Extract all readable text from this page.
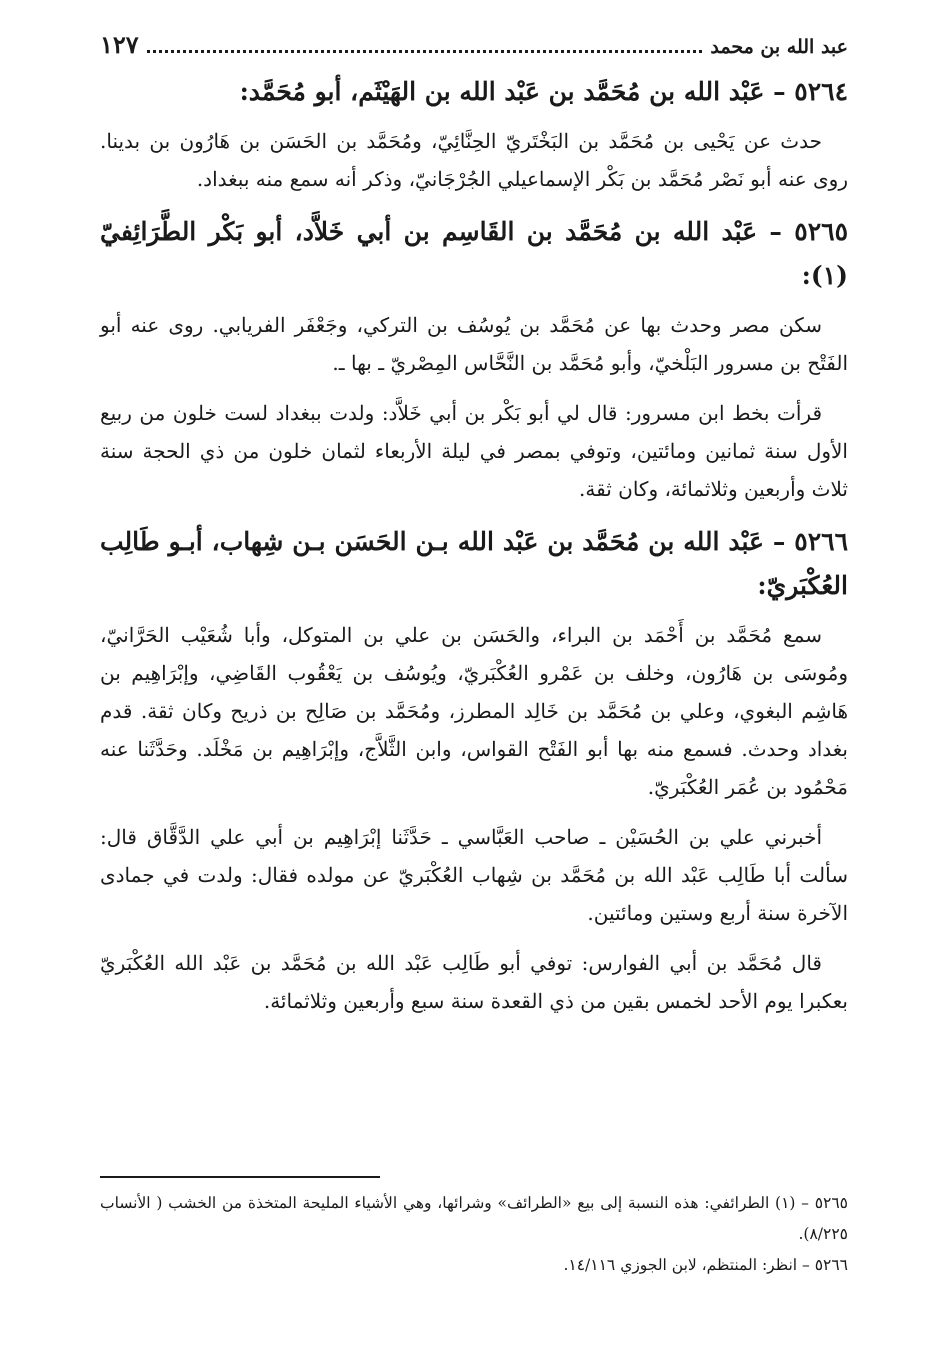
عبد الله بن محمد
١٢٧
٥٢٦٤ – عَبْد الله بن مُحَمَّد بن عَبْد الله بن الهَيْثَم، أبو مُحَمَّد:

حدث عن يَحْيى بن مُحَمَّد بن البَخْتَريّ الحِنَّائِيّ، ومُحَمَّد بن الحَسَن بن هَارُون بن بدينا. روى عنه أبو نَصْر مُحَمَّد بن بَكْر الإسماعيلي الجُرْجَانيّ، وذكر أنه سمع منه ببغداد.

٥٢٦٥ – عَبْد الله بن مُحَمَّد بن القَاسِم بن أبي خَلاَّد، أبو بَكْر الطَّرَائِفيّ (١):

سكن مصر وحدث بها عن مُحَمَّد بن يُوسُف بن التركي، وجَعْفَر الفريابي. روى عنه أبو الفَتْح بن مسرور البَلْخيّ، وأبو مُحَمَّد بن النَّحَّاس المِصْريّ ـ بها ـ.

قرأت بخط ابن مسرور: قال لي أبو بَكْر بن أبي خَلاَّد: ولدت ببغداد لست خلون من ربيع الأول سنة ثمانين ومائتين، وتوفي بمصر في ليلة الأربعاء لثمان خلون من ذي الحجة سنة ثلاث وأربعين وثلاثمائة، وكان ثقة.

٥٢٦٦ – عَبْد الله بن مُحَمَّد بن عَبْد الله بـن الحَسَن بـن شِهاب، أبـو طَالِب العُكْبَريّ:

سمع مُحَمَّد بن أَحْمَد بن البراء، والحَسَن بن علي بن المتوكل، وأبا شُعَيْب الحَرَّانيّ، ومُوسَى بن هَارُون، وخلف بن عَمْرو العُكْبَريّ، ويُوسُف بن يَعْقُوب القَاضِي، وإبْرَاهِيم بن هَاشِم البغوي، وعلي بن مُحَمَّد بن خَالِد المطرز، ومُحَمَّد بن صَالِح بن ذريح وكان ثقة. قدم بغداد وحدث. فسمع منه بها أبو الفَتْح القواس، وابن الثَّلاَّج، وإبْرَاهِيم بن مَخْلَد. وحَدَّثَنا عنه مَحْمُود بن عُمَر العُكْبَريّ.

أخبرني علي بن الحُسَيْن ـ صاحب العَبَّاسي ـ حَدَّثَنا إبْرَاهِيم بن أبي علي الدَّقَّاق قال: سألت أبا طَالِب عَبْد الله بن مُحَمَّد بن شِهاب العُكْبَريّ عن مولده فقال: ولدت في جمادى الآخرة سنة أربع وستين ومائتين.

قال مُحَمَّد بن أبي الفوارس: توفي أبو طَالِب عَبْد الله بن مُحَمَّد بن عَبْد الله العُكْبَريّ بعكبرا يوم الأحد لخمس بقين من ذي القعدة سنة سبع وأربعين وثلاثمائة.

٥٢٦٥ – (١) الطرائفي: هذه النسبة إلى بيع «الطرائف» وشرائها، وهي الأشياء المليحة المتخذة من الخشب ( الأنساب ٨/٢٢٥).

٥٢٦٦ – انظر: المنتظم، لابن الجوزي ١٤/١١٦.
